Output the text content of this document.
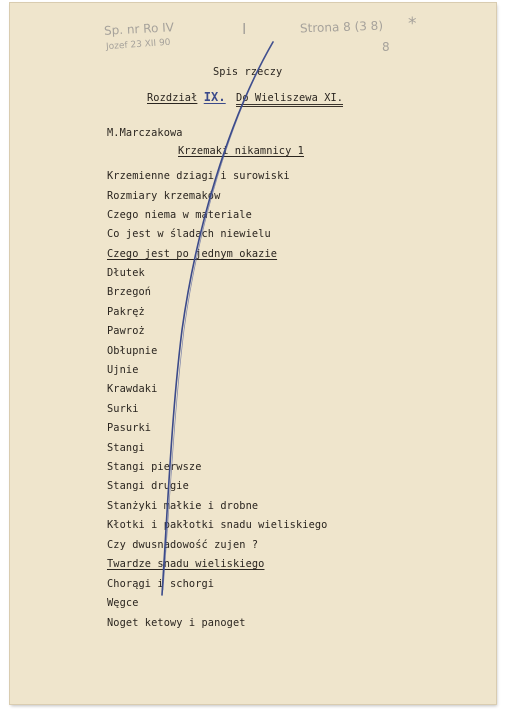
Sp. nr Ro IV
Jozef 23 XII 90
I	Strona 8 (3 8) *
8
Spis rzeczy
Rozdział IX. Do Wieliszewa XI.
M.Marczakowa
Krzemaki nikamnicy 1
Krzemienne dziagi i surowiski
Rozmiary krzemaków
Czego niema w materiale
Co jest w śladach niewielu
Czego jest po jednym okazie
Dłutek
Brzegoń
Pakręż
Pawroż
Obłupnie
Ujnie
Krawdaki
Surki
Pasurki
Stangi
Stangi pierwsze
Stangi drugie
Stanżyki małkie i drobne
Kłotki i pakłotki snadu wieliskiego
Czy dwusnadowość zujen ?
Twardze snadu wieliskiego
Chorągi i schorgi
Węgce
Noget ketowy i panoget
